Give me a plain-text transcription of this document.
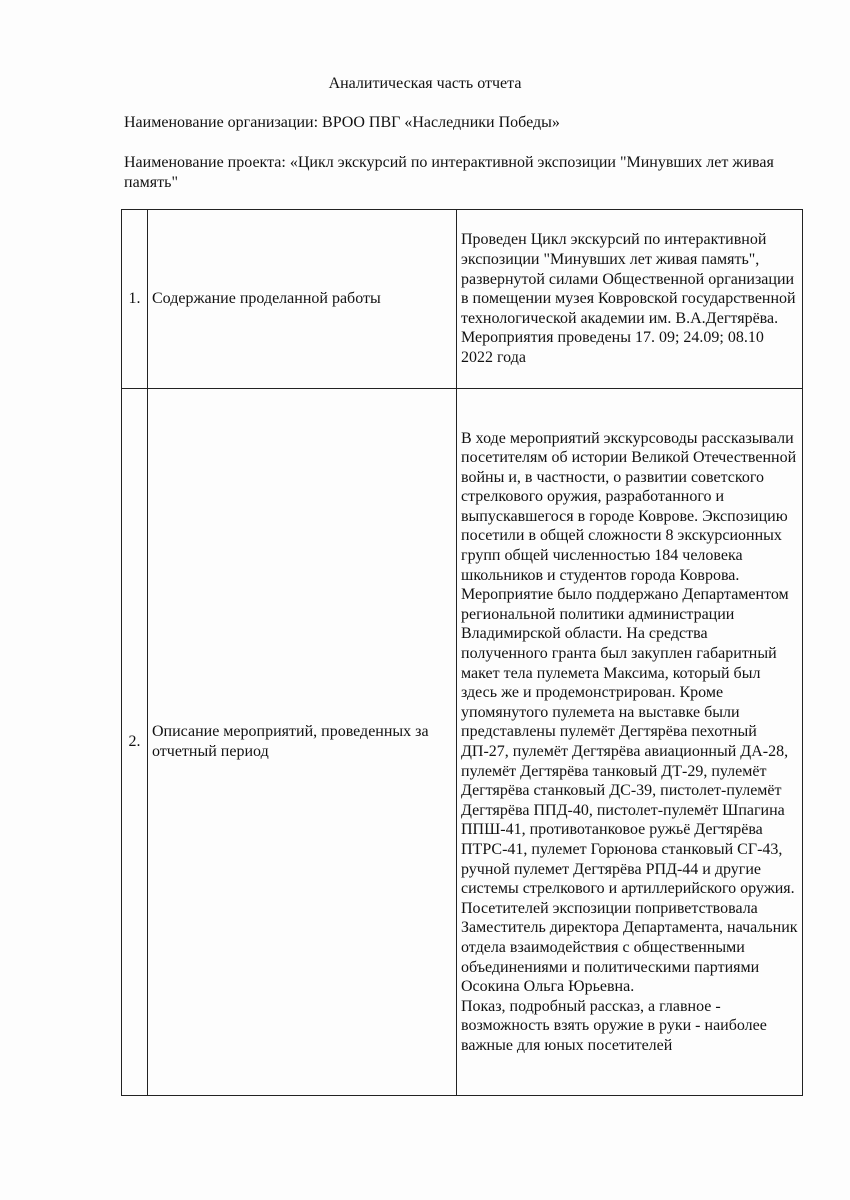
Аналитическая часть отчета
Наименование организации: ВРОО ПВГ «Наследники Победы»
Наименование проекта: «Цикл экскурсий по интерактивной экспозиции "Минувших лет живая память"
1.	Содержание проделанной работы	Проведен Цикл экскурсий по интерактивной экспозиции "Минувших лет живая память", развернутой силами Общественной организации в помещении музея Ковровской государственной технологической академии им. В.А.Дегтярёва.

Мероприятия проведены 17. 09; 24.09; 08.10 2022 года

2.	Описание мероприятий, проведенных за отчетный период	В ходе мероприятий экскурсоводы рассказывали посетителям об истории Великой Отечественной войны и, в частности, о развитии советского стрелкового оружия, разработанного и выпускавшегося в городе Коврове. Экспозицию посетили в общей сложности 8 экскурсионных групп общей численностью 184 человека школьников и студентов города Коврова. Мероприятие было поддержано Департаментом региональной политики администрации Владимирской области. На средства полученного гранта был закуплен габаритный макет тела пулемета Максима, который был здесь же и продемонстрирован. Кроме упомянутого пулемета на выставке были представлены пулемёт Дегтярёва пехотный ДП-27, пулемёт Дегтярёва авиационный ДА-28, пулемёт Дегтярёва танковый ДТ-29, пулемёт Дегтярёва станковый ДС-39, пистолет-пулемёт Дегтярёва ППД-40, пистолет-пулемёт Шпагина ППШ-41, противотанковое ружьё Дегтярёва ПТРС-41, пулемет Горюнова станковый СГ-43, ручной пулемет Дегтярёва РПД-44 и другие системы стрелкового и артиллерийского оружия. Посетителей экспозиции поприветствовала Заместитель директора Департамента, начальник отдела взаимодействия с общественными объединениями и политическими партиями Осокина Ольга Юрьевна.

Показ, подробный рассказ, а главное - возможность взять оружие в руки - наиболее важные для юных посетителей
